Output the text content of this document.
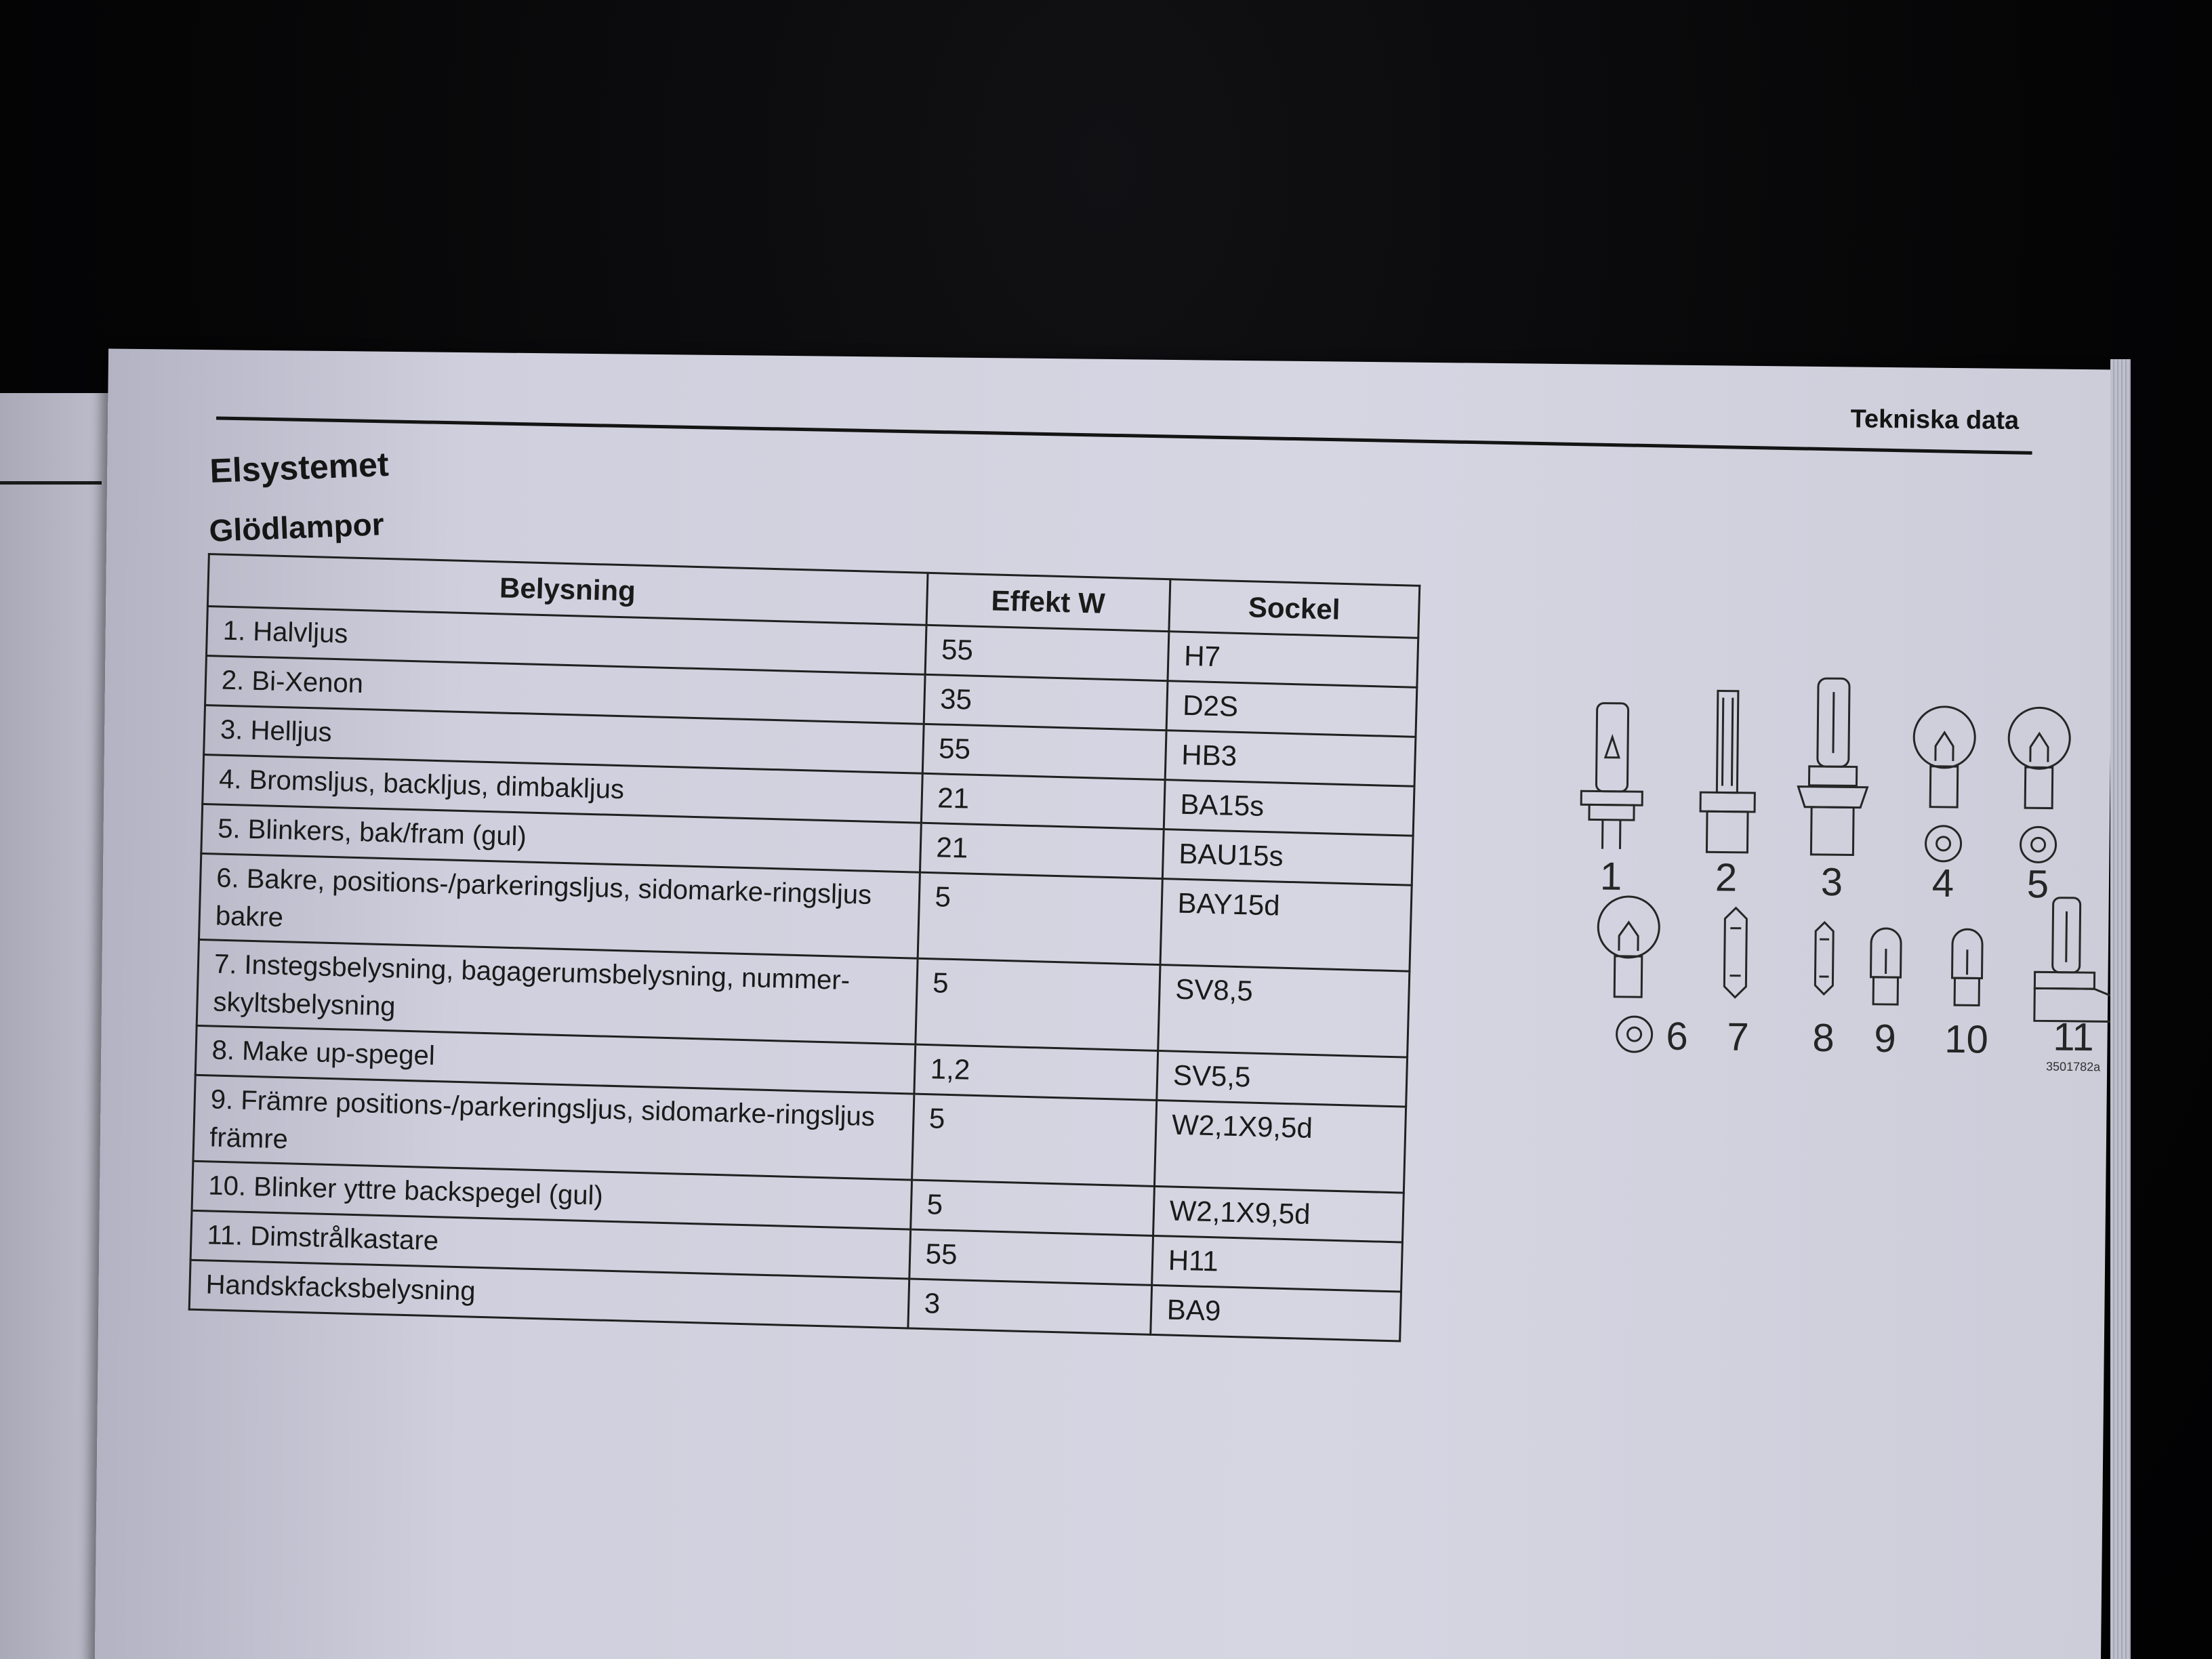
Tekniska data
Elsystemet
Glödlampor
Belysning	Effekt W	Sockel
1. Halvljus	55	H7
2. Bi-Xenon	35	D2S
3. Helljus	55	HB3
4. Bromsljus, backljus, dimbakljus	21	BA15s
5. Blinkers, bak/fram (gul)	21	BAU15s
6. Bakre, positions-/parkeringsljus, sidomarke-ringsljus bakre	5	BAY15d
7. Instegsbelysning, bagagerumsbelysning, nummer-skyltsbelysning	5	SV8,5
8. Make up-spegel	1,2	SV5,5
9. Främre positions-/parkeringsljus, sidomarke-ringsljus främre	5	W2,1X9,5d
10. Blinker yttre backspegel (gul)	5	W2,1X9,5d
11. Dimstrålkastare	55	H11
Handskfacksbelysning	3	BA9
1 2 3 4 5
6 7 8 9 10 11
3501782a
